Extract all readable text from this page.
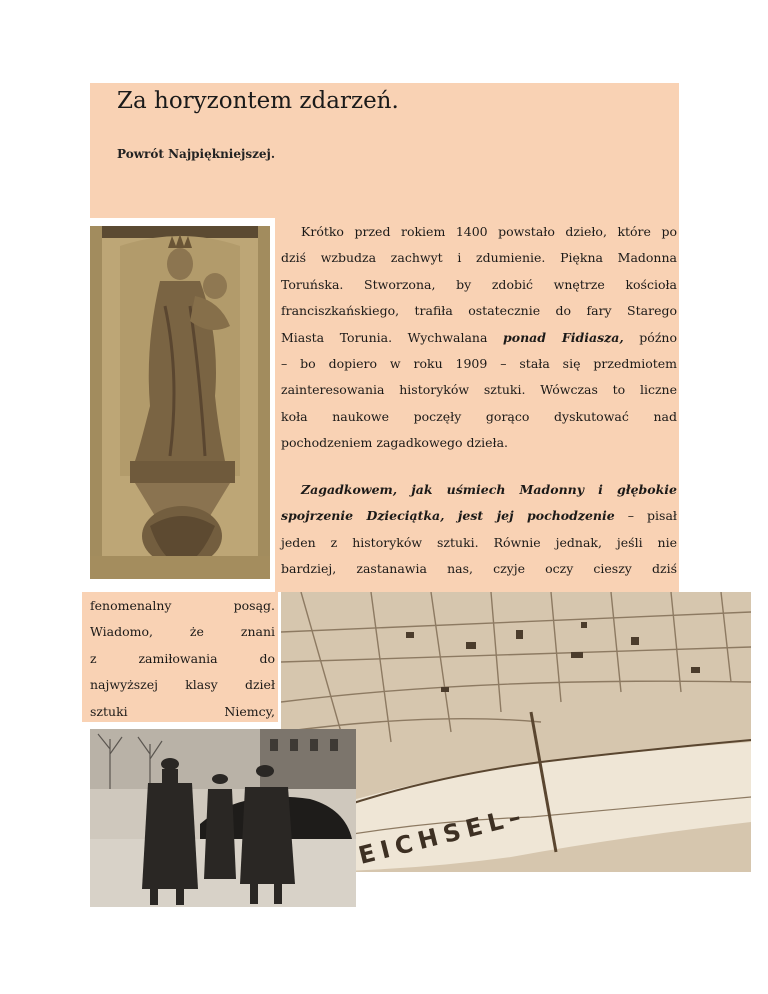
Za horyzontem zdarzeń.

Powrót Najpiękniejszej.

Krótko przed rokiem 1400 powstało dzieło, które po
dziś wzbudza zachwyt i zdumienie. Piękna Madonna
Toruńska. Stworzona, by zdobić wnętrze kościoła
franciszkańskiego, trafiła ostatecznie do fary Starego
Miasta Torunia. Wychwalana ponad Fidiasza, późno
– bo dopiero w roku 1909 – stała się przedmiotem
zainteresowania historyków sztuki. Wówczas to liczne
koła naukowe poczęły gorąco dyskutować nad
pochodzeniem zagadkowego dzieła.
Zagadkowem, jak uśmiech Madonny i głębokie
spojrzenie Dzieciątka, jest jej pochodzenie – pisał
jeden z historyków sztuki. Równie jednak, jeśli nie
bardziej, zastanawia nas, czyje oczy cieszy dziś
fenomenalny posąg.
Wiadomo, że znani
z zamiłowania do
najwyższej klasy dzieł
sztuki Niemcy,
EICHSEL–
